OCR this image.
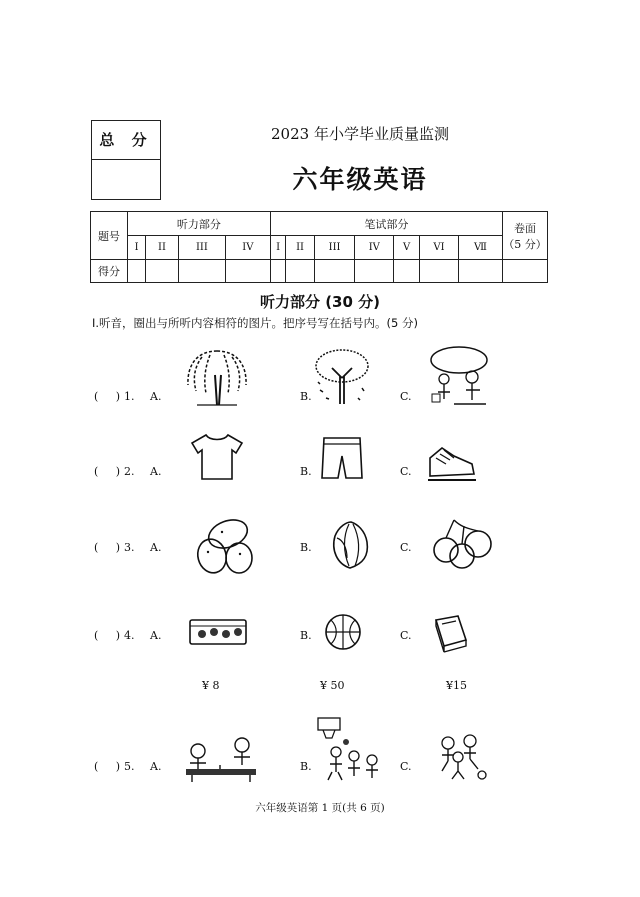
总 分	2023 年小学毕业质量监测
六年级英语
题号	听力部分				笔试部分							卷面
（5 分）

	I	II	III	IV	I	II	III	IV	V	VI	Ⅶ	
得分												
听力部分 (30 分)
I.听音，圈出与所听内容相符的图片。把序号写在括号内。(5 分)
(     ) 1. A.	B.	C.
(     ) 2. A.	B.	C.
(     ) 3. A.	B.	C.
(     ) 4. A.	B.	C.
¥ 8	¥ 50	¥15
(     ) 5. A.	B.	C.
六年级英语第 1 页(共 6 页)
